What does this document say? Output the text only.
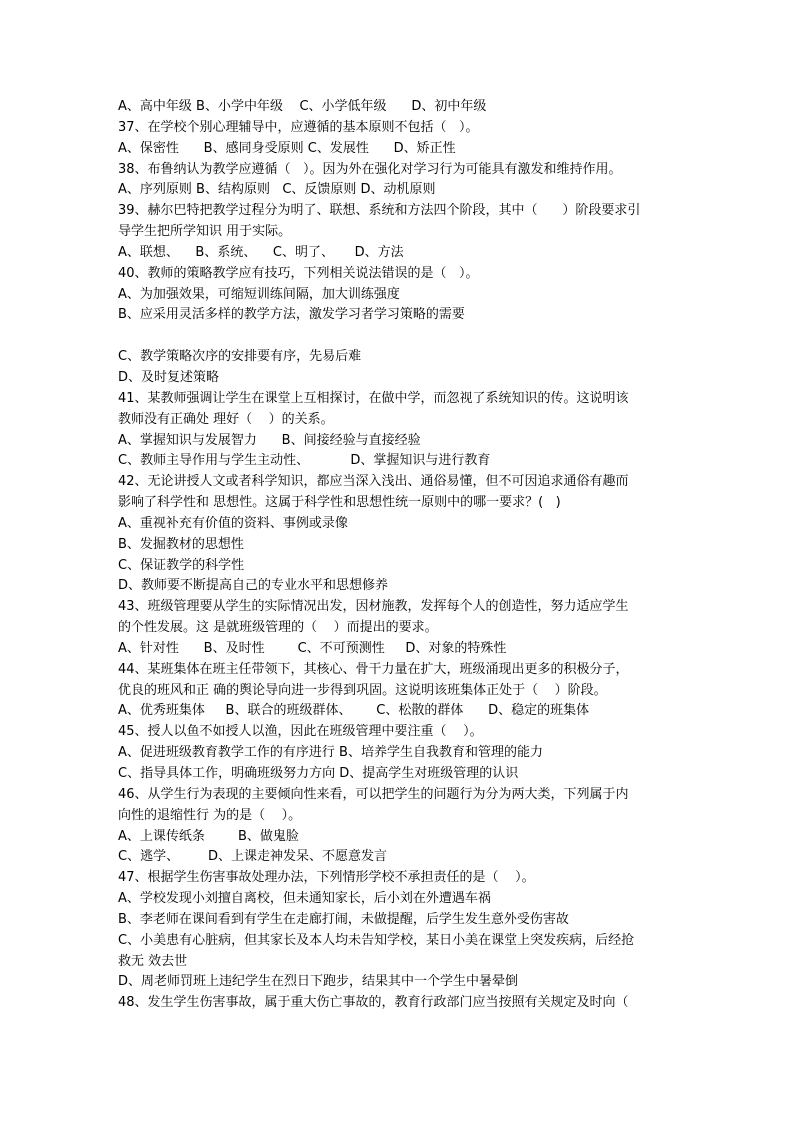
A、高中年级 B、小学中年级    C、小学低年级      D、初中年级
37、在学校个别心理辅导中，应遵循的基本原则不包括（   ）。
A、保密性      B、感同身受原则 C、发展性      D、矫正性
38、布鲁纳认为教学应遵循（   ）。因为外在强化对学习行为可能具有激发和维持作用。
A、序列原则 B、结构原则   C、反馈原则 D、动机原则
39、赫尔巴特把教学过程分为明了、联想、系统和方法四个阶段，其中（      ）阶段要求引
导学生把所学知识 用于实际。
A、联想、    B、系统、    C、明了、     D、方法
40、教师的策略教学应有技巧，下列相关说法错误的是（   ）。
A、为加强效果，可缩短训练间隔，加大训练强度
B、应采用灵活多样的教学方法，激发学习者学习策略的需要
C、教学策略次序的安排要有序，先易后难
D、及时复述策略
41、某教师强调让学生在课堂上互相探讨，在做中学，而忽视了系统知识的传。这说明该
教师没有正确处 理好（    ）的关系。
A、掌握知识与发展智力      B、间接经验与直接经验
C、教师主导作用与学生主动性、          D、掌握知识与进行教育
42、无论讲授人文或者科学知识，都应当深入浅出、通俗易懂，但不可因追求通俗有趣而
影响了科学性和 思想性。这属于科学性和思想性统一原则中的哪一要求？(   )
A、重视补充有价值的资料、事例或录像
B、发掘教材的思想性
C、保证教学的科学性
D、教师要不断提高自己的专业水平和思想修养
43、班级管理要从学生的实际情况出发，因材施教，发挥每个人的创造性，努力适应学生
的个性发展。这 是就班级管理的（    ）而提出的要求。
A、针对性      B、及时性        C、不可预测性     D、对象的特殊性
44、某班集体在班主任带领下，其核心、骨干力量在扩大，班级涌现出更多的积极分子，
优良的班风和正 确的舆论导向进一步得到巩固。这说明该班集体正处于（    ）阶段。
A、优秀班集体     B、联合的班级群体、      C、松散的群体      D、稳定的班集体
45、授人以鱼不如授人以渔，因此在班级管理中要注重（    ）。
A、促进班级教育教学工作的有序进行 B、培养学生自我教育和管理的能力
C、指导具体工作，明确班级努力方向 D、提高学生对班级管理的认识
46、从学生行为表现的主要倾向性来看，可以把学生的问题行为分为两大类，下列属于内
向性的退缩性行 为的是（    ）。
A、上课传纸条        B、做鬼脸
C、逃学、       D、上课走神发呆、不愿意发言
47、根据学生伤害事故处理办法，下列情形学校不承担责任的是（    ）。
A、学校发现小刘擅自离校，但未通知家长，后小刘在外遭遇车祸
B、李老师在课间看到有学生在走廊打闹，未做提醒，后学生发生意外受伤害故
C、小美患有心脏病，但其家长及本人均未告知学校，某日小美在课堂上突发疾病，后经抢
救无 效去世
D、周老师罚班上违纪学生在烈日下跑步，结果其中一个学生中暑晕倒
48、发生学生伤害事故，属于重大伤亡事故的，教育行政部门应当按照有关规定及时向（
